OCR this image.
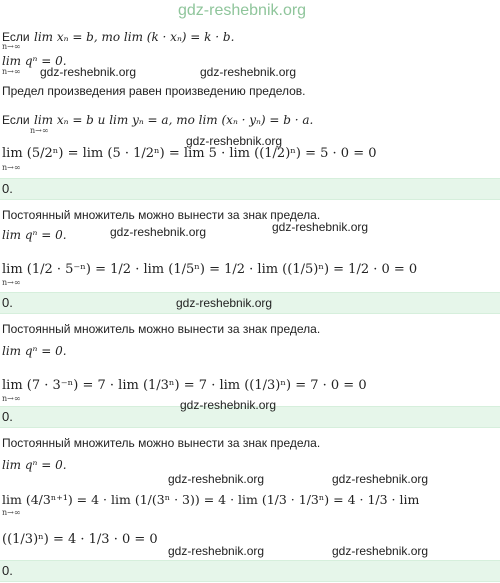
gdz-reshebnik.org
Если lim xₙ = b, то lim (k · xₙ) = k · b.
n→∞
lim qⁿ = 0.
n→∞ gdz-reshebnik.org	gdz-reshebnik.org
Предел произведения равен произведению пределов.
Если lim xₙ = b и lim yₙ = a, то lim (xₙ · yₙ) = b · a.
n→∞
gdz-reshebnik.org
lim (5/2ⁿ) = lim (5 · 1/2ⁿ) = lim 5 · lim ((1/2)ⁿ) = 5 · 0 = 0
n→∞
0.
Постоянный множитель можно вынести за знак предела.
lim qⁿ = 0.	gdz-reshebnik.org	gdz-reshebnik.org
lim (1/2 · 5⁻ⁿ) = 1/2 · lim (1/5ⁿ) = 1/2 · lim ((1/5)ⁿ) = 1/2 · 0 = 0
n→∞
0.	gdz-reshebnik.org
Постоянный множитель можно вынести за знак предела.
lim qⁿ = 0.
lim (7 · 3⁻ⁿ) = 7 · lim (1/3ⁿ) = 7 · lim ((1/3)ⁿ) = 7 · 0 = 0
n→∞
0.
gdz-reshebnik.org
Постоянный множитель можно вынести за знак предела.
lim qⁿ = 0.
gdz-reshebnik.org	gdz-reshebnik.org
lim (4/3ⁿ⁺¹) = 4 · lim (1/(3ⁿ · 3)) = 4 · lim (1/3 · 1/3ⁿ) = 4 · 1/3 · lim
n→∞
((1/3)ⁿ) = 4 · 1/3 · 0 = 0
gdz-reshebnik.org	gdz-reshebnik.org
0.
